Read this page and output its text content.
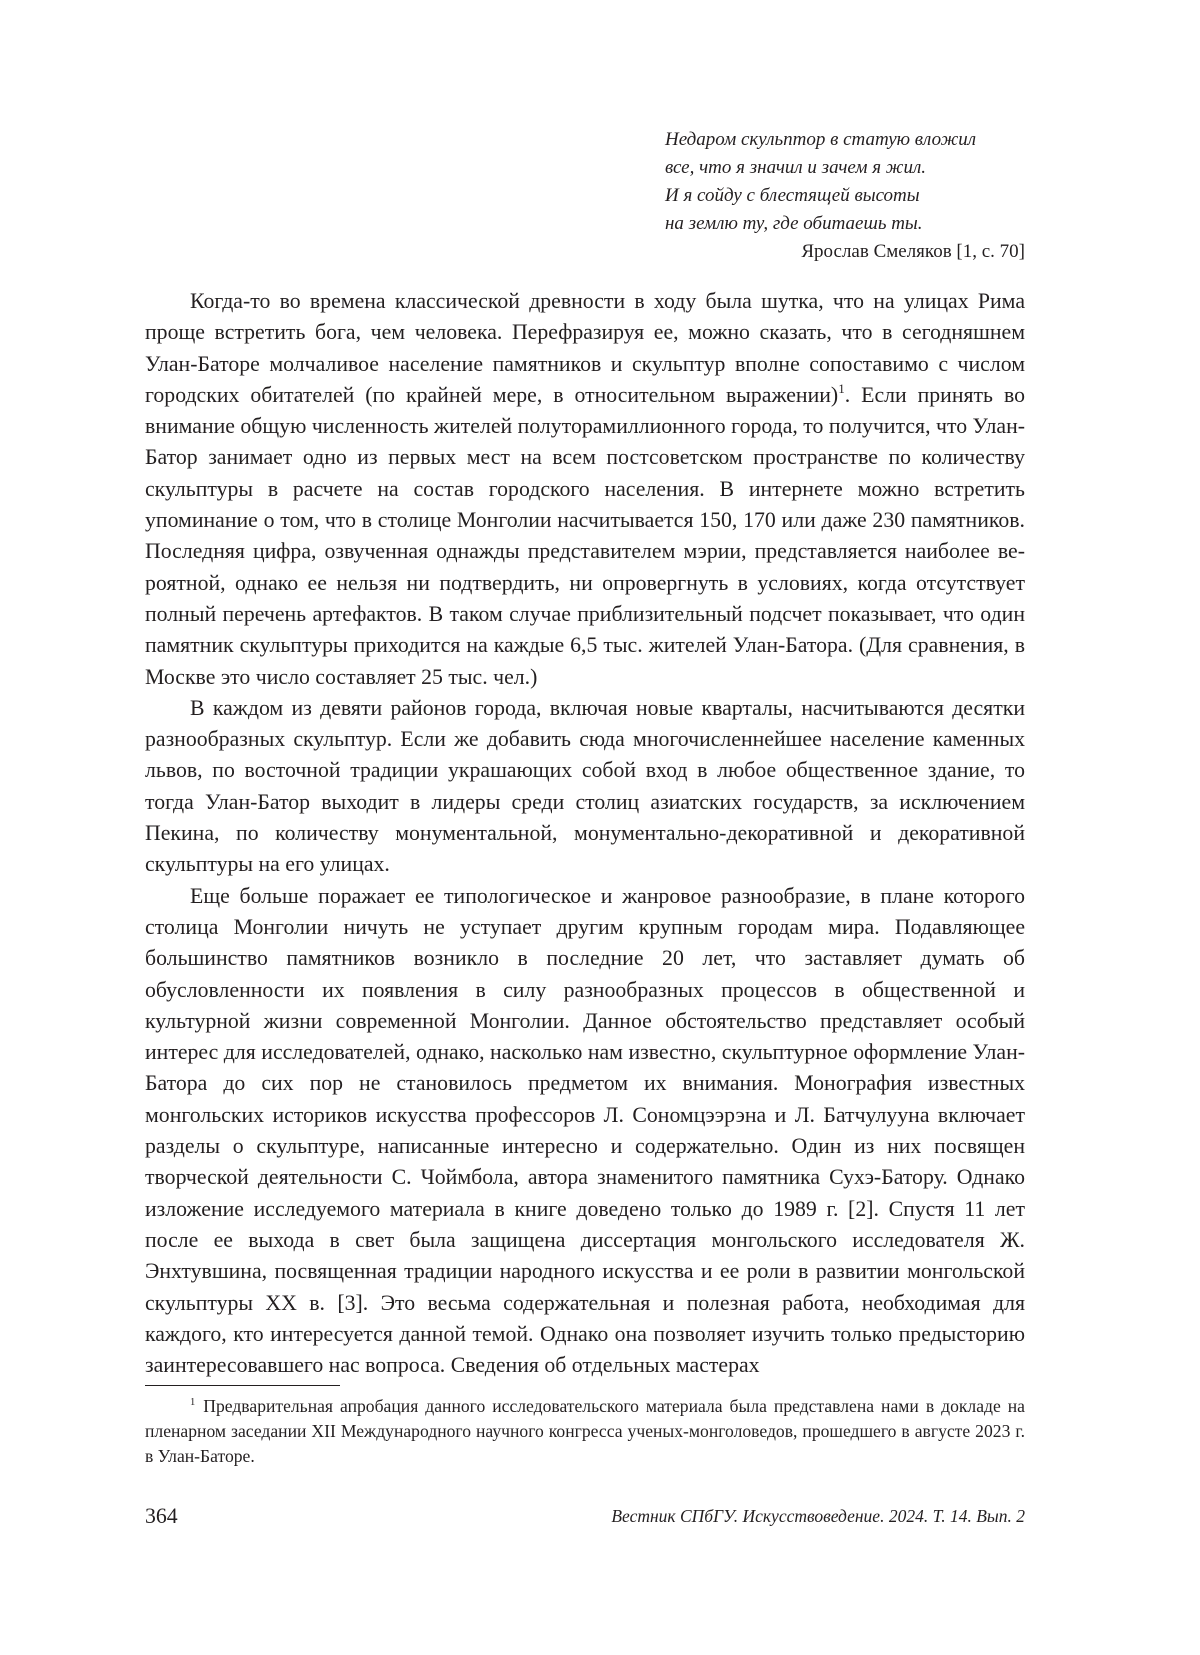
Недаром скульптор в статую вложил
все, что я значил и зачем я жил.
И я сойду с блестящей высоты
на землю ту, где обитаешь ты.
Ярослав Смеляков [1, с. 70]

Когда-то во времена классической древности в ходу была шутка, что на улицах Рима проще встретить бога, чем человека. Перефразируя ее, можно сказать, что в сегодняшнем Улан-Баторе молчаливое население памятников и скульптур вполне сопоставимо с числом городских обитателей (по крайней мере, в относительном выражении)$^1$. Если принять во внимание общую численность жителей полуторамиллионного города, то получится, что Улан-Батор занимает одно из первых мест на всем постсоветском пространстве по количеству скульптуры в расчете на состав городского населения. В интернете можно встретить упоминание о том, что в столице Монголии насчитывается 150, 170 или даже 230 памятников. Последняя цифра, озвученная однажды представителем мэрии, представляется наиболее вероятной, однако ее нельзя ни подтвердить, ни опровергнуть в условиях, когда отсутствует полный перечень артефактов. В таком случае приблизительный подсчет показывает, что один памятник скульптуры приходится на каждые 6,5 тыс. жителей Улан-Батора. (Для сравнения, в Москве это число составляет 25 тыс. чел.)

В каждом из девяти районов города, включая новые кварталы, насчитываются десятки разнообразных скульптур. Если же добавить сюда многочисленнейшее население каменных львов, по восточной традиции украшающих собой вход в любое общественное здание, то тогда Улан-Батор выходит в лидеры среди столиц азиатских государств, за исключением Пекина, по количеству монументальной, монументально-декоративной и декоративной скульптуры на его улицах.

Еще больше поражает ее типологическое и жанровое разнообразие, в плане которого столица Монголии ничуть не уступает другим крупным городам мира. Подавляющее большинство памятников возникло в последние 20 лет, что заставляет думать об обусловленности их появления в силу разнообразных процессов в общественной и культурной жизни современной Монголии. Данное обстоятельство представляет особый интерес для исследователей, однако, насколько нам известно, скульптурное оформление Улан-Батора до сих пор не становилось предметом их внимания. Монография известных монгольских историков искусства профессоров Л. Сономцээрэна и Л. Батчулууна включает разделы о скульптуре, написанные интересно и содержательно. Один из них посвящен творческой деятельности С. Чоймбола, автора знаменитого памятника Сухэ-Батору. Однако изложение исследуемого материала в книге доведено только до 1989 г. [2]. Спустя 11 лет после ее выхода в свет была защищена диссертация монгольского исследователя Ж. Энхтувшина, посвященная традиции народного искусства и ее роли в развитии монгольской скульптуры XX в. [3]. Это весьма содержательная и полезная работа, необходимая для каждого, кто интересуется данной темой. Однако она позволяет изучить только предысторию заинтересовавшего нас вопроса. Сведения об отдельных мастерах

$^1$ Предварительная апробация данного исследовательского материала была представлена нами в докладе на пленарном заседании XII Международного научного конгресса ученых-монголоведов, прошедшего в августе 2023 г. в Улан-Баторе.

364	Вестник СПбГУ. Искусствоведение. 2024. Т. 14. Вып. 2
